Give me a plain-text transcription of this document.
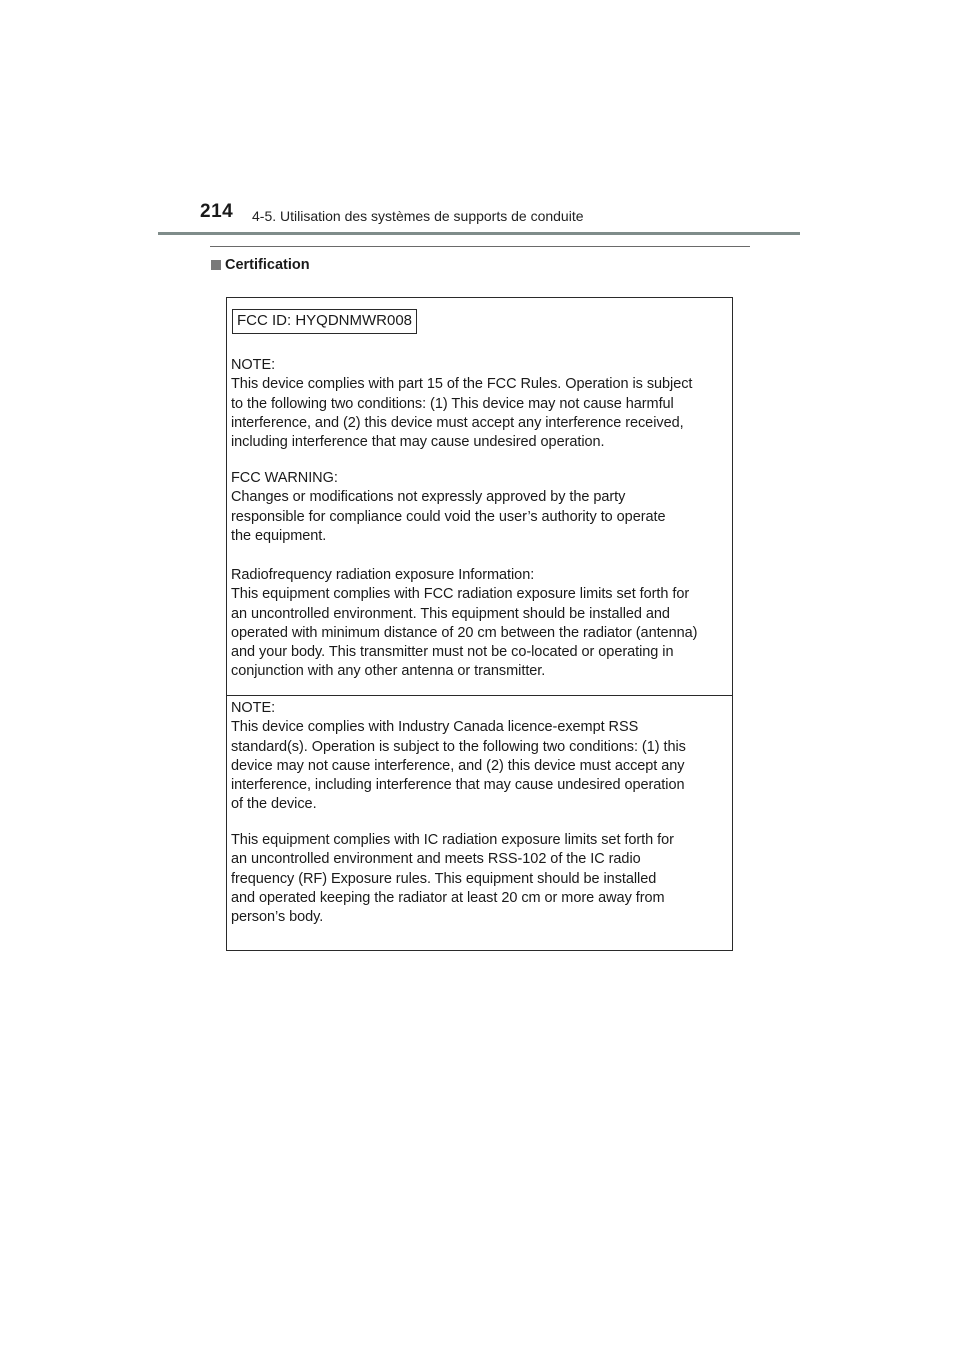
214 4-5. Utilisation des systèmes de supports de conduite
Certification
FCC ID: HYQDNMWR008
NOTE:
This device complies with part 15 of the FCC Rules. Operation is subject
to the following two conditions: (1) This device may not cause harmful
interference, and (2) this device must accept any interference received,
including interference that may cause undesired operation.
FCC WARNING:
Changes or modifications not expressly approved by the party
responsible for compliance could void the user’s authority to operate
the equipment.
Radiofrequency radiation exposure Information:
This equipment complies with FCC radiation exposure limits set forth for
an uncontrolled environment. This equipment should be installed and
operated with minimum distance of 20 cm between the radiator (antenna)
and your body. This transmitter must not be co-located or operating in
conjunction with any other antenna or transmitter.
NOTE:
This device complies with Industry Canada licence-exempt RSS
standard(s). Operation is subject to the following two conditions: (1) this
device may not cause interference, and (2) this device must accept any
interference, including interference that may cause undesired operation
of the device.
This equipment complies with IC radiation exposure limits set forth for
an uncontrolled environment and meets RSS-102 of the IC radio
frequency (RF) Exposure rules. This equipment should be installed
and operated keeping the radiator at least 20 cm or more away from
person’s body.
